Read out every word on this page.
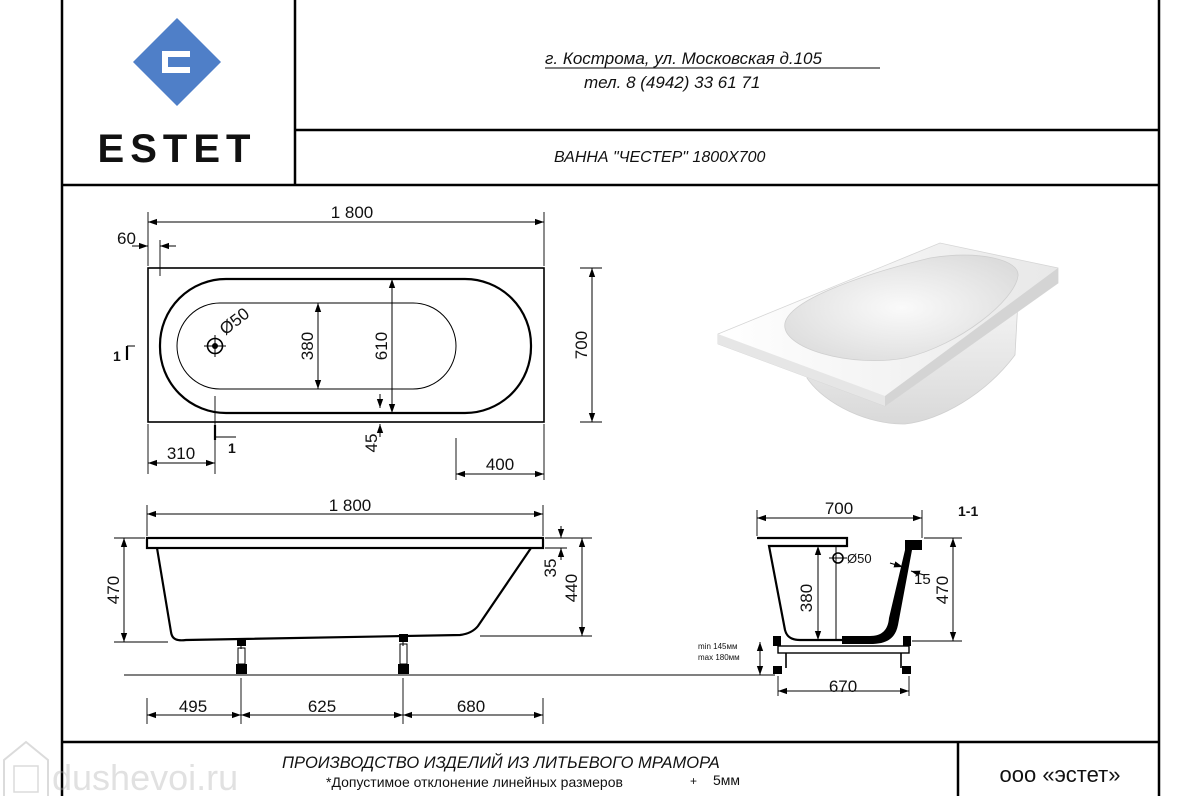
ESTET
г. Кострома, ул. Московская д.105
тел. 8 (4942) 33 61 71
ВАННА "ЧЕСТЕР" 1800Х700
Ø50
1 800
60
380	610	700
45
310
400
1
1
1 800
470
35
440
495	625	680
1-1
Ø50
700
15
380	470
min 145мм
max 180мм
670
ПРОИЗВОДСТВО ИЗДЕЛИЙ ИЗ ЛИТЬЕВОГО МРАМОРА
*Допустимое отклонение линейных размеров	+ 5мм	ооо «эстет»
dushevoi.ru
